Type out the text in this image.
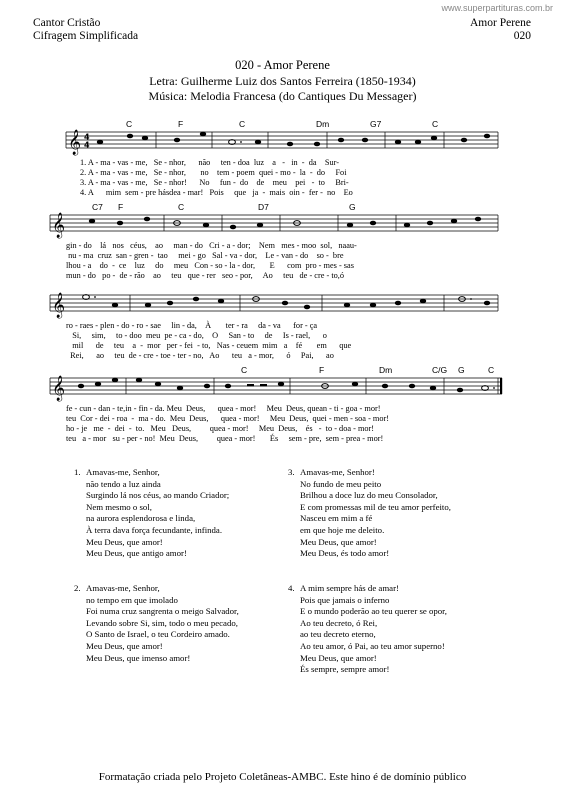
www.superpartituras.com.br
Cantor Cristão
Cifragem Simplificada
Amor Perene
020
020 - Amor Perene
Letra: Guilherme Luiz dos Santos Ferreira (1850-1934)
Música: Melodia Francesa (do Cantiques Du Messager)
C	F	C	Dm	G7	C
𝄞 4
4
1. A - ma - vas - me,   Se - nhor,      não     ten - doa  luz    a   -   in  -  da    Sur-
2. A - ma - vas - me,   Se - nhor,       no    tem - poem  quei - mo -  la  -  do     Foi
3. A - ma - vas - me,   Se - nhor!      No     fun -  do    de    meu    pei   -  to     Bri-
4. A      mim  sem - pre hásdea - mar!   Pois     que   ja  -  mais  oin -  fer -  no    Eo
C7 F	C	D7	G
𝄞
gin - do    lá   nos   céus,    ao     man - do   Cri - a - dor;    Nem   mes - moo  sol,   naau-
nu - ma  cruz  san - gren -  tao     mei - go   Sal - va - dor,    Le - van - do    so -  bre
lhou - a    do  -  ce    luz     do     meu   Con - so - la - dor,       E      com  pro - mes - sas
mun - do   po -  de - rão    ao     teu   que - rer   seo - por,     Ao     teu   de - cre - to,ó
𝄞
ro - raes - plen - do - ro - sae     lin - da,    À       ter - ra     da - va      for - ça
Si,     sim,     to - doo  meu  pe - ca - do,    O     San - to     de     Is - rael,      o
mil      de     teu    a  -  mor   per - fei  - to,   Nas - ceuem  mim   a    fé       em      que
Rei,      ao     teu  de - cre - toe - ter - no,   Ao      teu   a - mor,      ó     Pai,      ao
C	F	Dm	C/G G	C
𝄞
fe - cun - dan - te,in - fin - da. Meu  Deus,      quea - mor!     Meu  Deus, quean - ti - goa - mor!
teu  Cor - dei - roa  -  ma - do.  Meu  Deus,      quea - mor!     Meu  Deus,  quei - men - soa - mor!
ho - je   me  -  dei  -  to.   Meu   Deus,         quea - mor!     Meu  Deus,    és   -  to - doa - mor!
teu   a - mor   su - per - no!  Meu  Deus,         quea - mor!       És     sem - pre,  sem - prea - mor!
1. Amavas-me, Senhor,
não tendo a luz ainda
Surgindo lá nos céus, ao mando Criador;
Nem mesmo o sol,
na aurora esplendorosa e linda,
À terra dava força fecundante, infinda.
Meu Deus, que amor!
Meu Deus, que antigo amor!
2. Amavas-me, Senhor,
no tempo em que imolado
Foi numa cruz sangrenta o meigo Salvador,
Levando sobre Si, sim, todo o meu pecado,
O Santo de Israel, o teu Cordeiro amado.
Meu Deus, que amor!
Meu Deus, que imenso amor!
3. Amavas-me, Senhor!
No fundo de meu peito
Brilhou a doce luz do meu Consolador,
E com promessas mil de teu amor perfeito,
Nasceu em mim a fé
em que hoje me deleito.
Meu Deus, que amor!
Meu Deus, és todo amor!
4. A mim sempre hás de amar!
Pois que jamais o inferno
E o mundo poderão ao teu querer se opor,
Ao teu decreto, ó Rei,
ao teu decreto eterno,
Ao teu amor, ó Pai, ao teu amor superno!
Meu Deus, que amor!
És sempre, sempre amor!
Formatação criada pelo Projeto Coletâneas-AMBC. Este hino é de domínio público
